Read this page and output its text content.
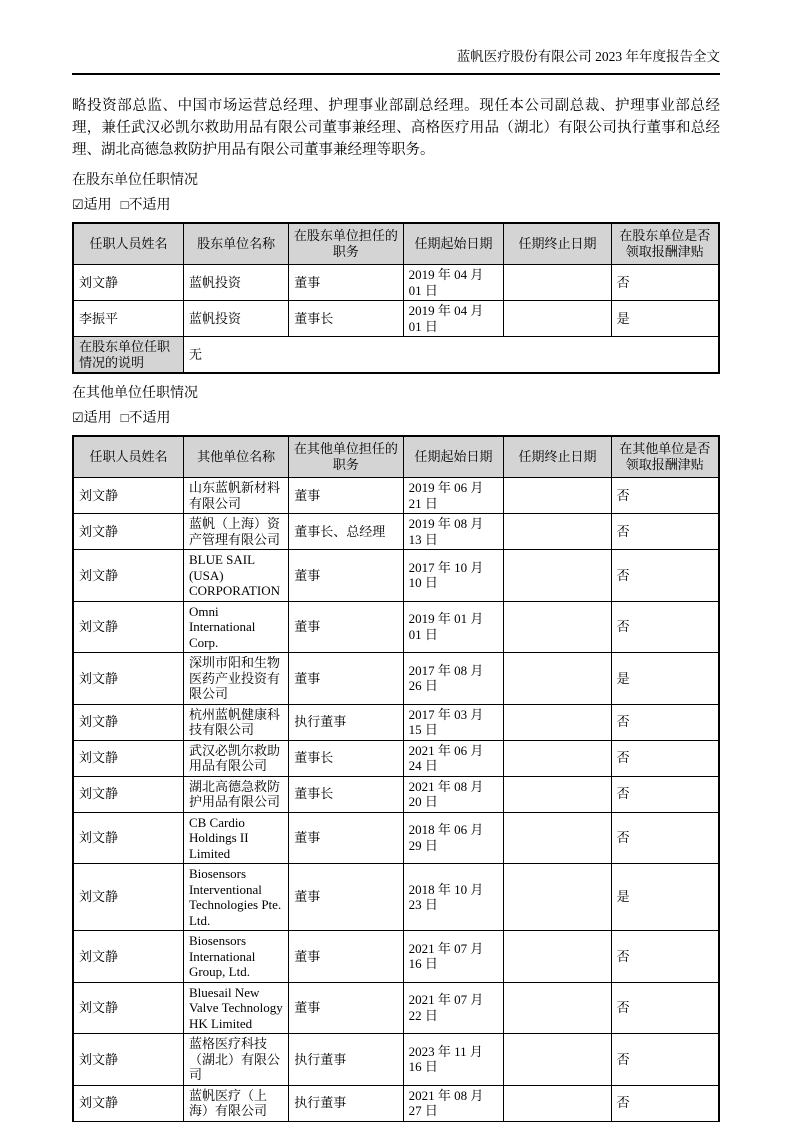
蓝帆医疗股份有限公司 2023 年年度报告全文

略投资部总监、中国市场运营总经理、护理事业部副总经理。现任本公司副总裁、护理事业部总经理，兼任武汉必凯尔救助用品有限公司董事兼经理、高格医疗用品（湖北）有限公司执行董事和总经理、湖北高德急救防护用品有限公司董事兼经理等职务。

在股东单位任职情况

☑适用 □不适用

任职人员姓名	股东单位名称	在股东单位担任的职务	任期起始日期	任期终止日期	在股东单位是否领取报酬津贴
刘文静	蓝帆投资	董事	2019 年 04 月 01 日		否
李振平	蓝帆投资	董事长	2019 年 04 月 01 日		是
在股东单位任职情况的说明	无				

在其他单位任职情况

☑适用 □不适用

任职人员姓名	其他单位名称	在其他单位担任的职务	任期起始日期	任期终止日期	在其他单位是否领取报酬津贴
刘文静	山东蓝帆新材料有限公司	董事	2019 年 06 月 21 日		否
刘文静	蓝帆（上海）资产管理有限公司	董事长、总经理	2019 年 08 月 13 日		否
刘文静	BLUE SAIL (USA) CORPORATION	董事	2017 年 10 月 10 日		否
刘文静	Omni International Corp.	董事	2019 年 01 月 01 日		否
刘文静	深圳市阳和生物医药产业投资有限公司	董事	2017 年 08 月 26 日		是
刘文静	杭州蓝帆健康科技有限公司	执行董事	2017 年 03 月 15 日		否
刘文静	武汉必凯尔救助用品有限公司	董事长	2021 年 06 月 24 日		否
刘文静	湖北高德急救防护用品有限公司	董事长	2021 年 08 月 20 日		否
刘文静	CB Cardio Holdings II Limited	董事	2018 年 06 月 29 日		否
刘文静	Biosensors Interventional Technologies Pte. Ltd.	董事	2018 年 10 月 23 日		是
刘文静	Biosensors International Group, Ltd.	董事	2021 年 07 月 16 日		否
刘文静	Bluesail New Valve Technology HK Limited	董事	2021 年 07 月 22 日		否
刘文静	蓝格医疗科技（湖北）有限公司	执行董事	2023 年 11 月 16 日		否
刘文静	蓝帆医疗（上海）有限公司	执行董事	2021 年 08 月 27 日		否
